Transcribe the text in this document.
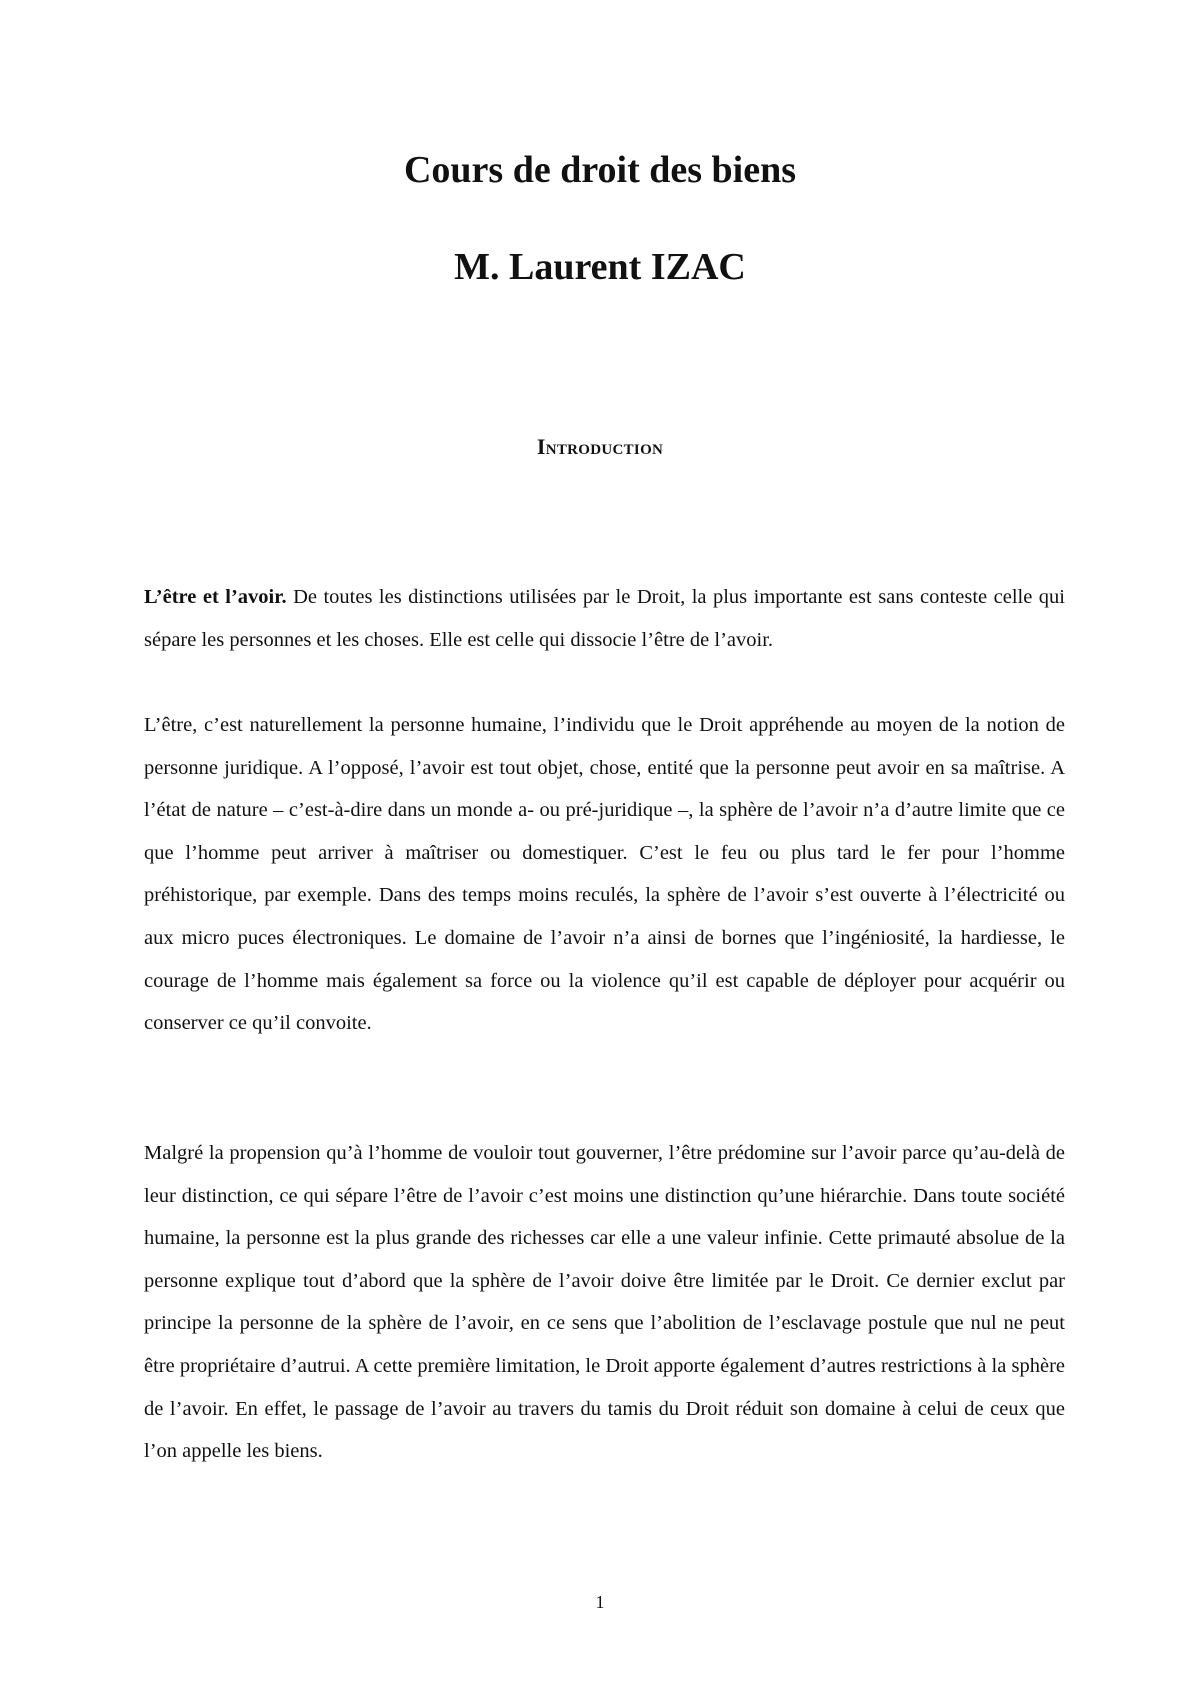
Cours de droit des biens
M. Laurent IZAC
Introduction

L’être et l’avoir. De toutes les distinctions utilisées par le Droit, la plus importante est sans conteste celle qui sépare les personnes et les choses. Elle est celle qui dissocie l’être de l’avoir.

L’être, c’est naturellement la personne humaine, l’individu que le Droit appréhende au moyen de la notion de personne juridique. A l’opposé, l’avoir est tout objet, chose, entité que la personne peut avoir en sa maîtrise. A l’état de nature – c’est-à-dire dans un monde a- ou pré-juridique –, la sphère de l’avoir n’a d’autre limite que ce que l’homme peut arriver à maîtriser ou domestiquer. C’est le feu ou plus tard le fer pour l’homme préhistorique, par exemple. Dans des temps moins reculés, la sphère de l’avoir s’est ouverte à l’électricité ou aux micro puces électroniques. Le domaine de l’avoir n’a ainsi de bornes que l’ingéniosité, la hardiesse, le courage de l’homme mais également sa force ou la violence qu’il est capable de déployer pour acquérir ou conserver ce qu’il convoite.

Malgré la propension qu’à l’homme de vouloir tout gouverner, l’être prédomine sur l’avoir parce qu’au-delà de leur distinction, ce qui sépare l’être de l’avoir c’est moins une distinction qu’une hiérarchie. Dans toute société humaine, la personne est la plus grande des richesses car elle a une valeur infinie. Cette primauté absolue de la personne explique tout d’abord que la sphère de l’avoir doive être limitée par le Droit. Ce dernier exclut par principe la personne de la sphère de l’avoir, en ce sens que l’abolition de l’esclavage postule que nul ne peut être propriétaire d’autrui. A cette première limitation, le Droit apporte également d’autres restrictions à la sphère de l’avoir. En effet, le passage de l’avoir au travers du tamis du Droit réduit son domaine à celui de ceux que l’on appelle les biens.

1
